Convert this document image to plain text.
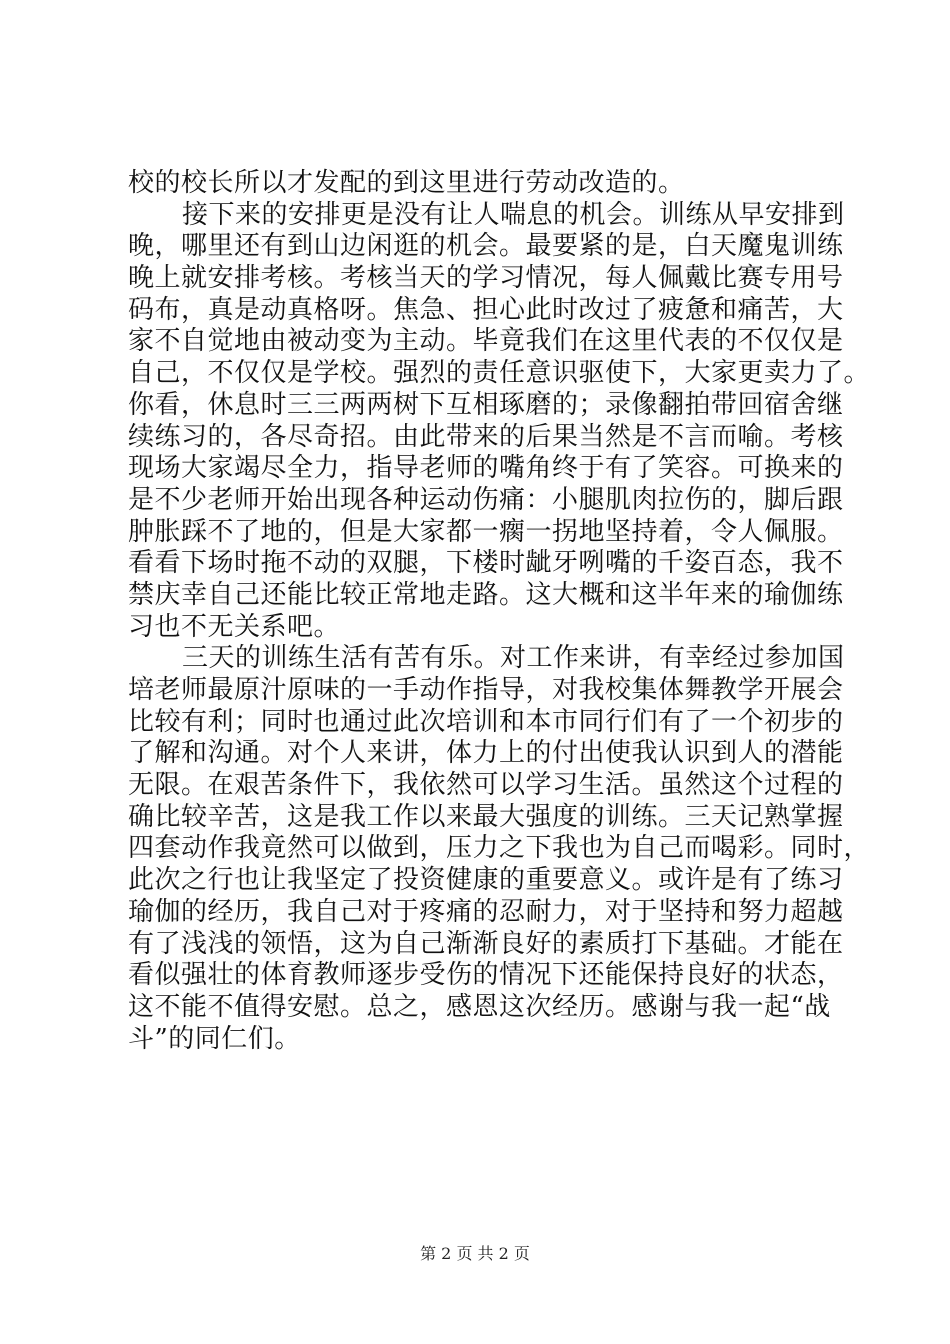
校的校长所以才发配的到这里进行劳动改造的。
接下来的安排更是没有让人喘息的机会。训练从早安排到
晚，哪里还有到山边闲逛的机会。最要紧的是，白天魔鬼训练
晚上就安排考核。考核当天的学习情况，每人佩戴比赛专用号
码布，真是动真格呀。焦急、担心此时改过了疲惫和痛苦，大
家不自觉地由被动变为主动。毕竟我们在这里代表的不仅仅是
自己，不仅仅是学校。强烈的责任意识驱使下，大家更卖力了。
你看，休息时三三两两树下互相琢磨的；录像翻拍带回宿舍继
续练习的，各尽奇招。由此带来的后果当然是不言而喻。考核
现场大家竭尽全力，指导老师的嘴角终于有了笑容。可换来的
是不少老师开始出现各种运动伤痛：小腿肌肉拉伤的，脚后跟
肿胀踩不了地的，但是大家都一瘸一拐地坚持着，令人佩服。
看看下场时拖不动的双腿，下楼时龇牙咧嘴的千姿百态，我不
禁庆幸自己还能比较正常地走路。这大概和这半年来的瑜伽练
习也不无关系吧。
三天的训练生活有苦有乐。对工作来讲，有幸经过参加国
培老师最原汁原味的一手动作指导，对我校集体舞教学开展会
比较有利；同时也通过此次培训和本市同行们有了一个初步的
了解和沟通。对个人来讲，体力上的付出使我认识到人的潜能
无限。在艰苦条件下，我依然可以学习生活。虽然这个过程的
确比较辛苦，这是我工作以来最大强度的训练。三天记熟掌握
四套动作我竟然可以做到，压力之下我也为自己而喝彩。同时，
此次之行也让我坚定了投资健康的重要意义。或许是有了练习
瑜伽的经历，我自己对于疼痛的忍耐力，对于坚持和努力超越
有了浅浅的领悟，这为自己渐渐良好的素质打下基础。才能在
看似强壮的体育教师逐步受伤的情况下还能保持良好的状态，
这不能不值得安慰。总之，感恩这次经历。感谢与我一起“战
斗”的同仁们。
第 2 页 共 2 页
